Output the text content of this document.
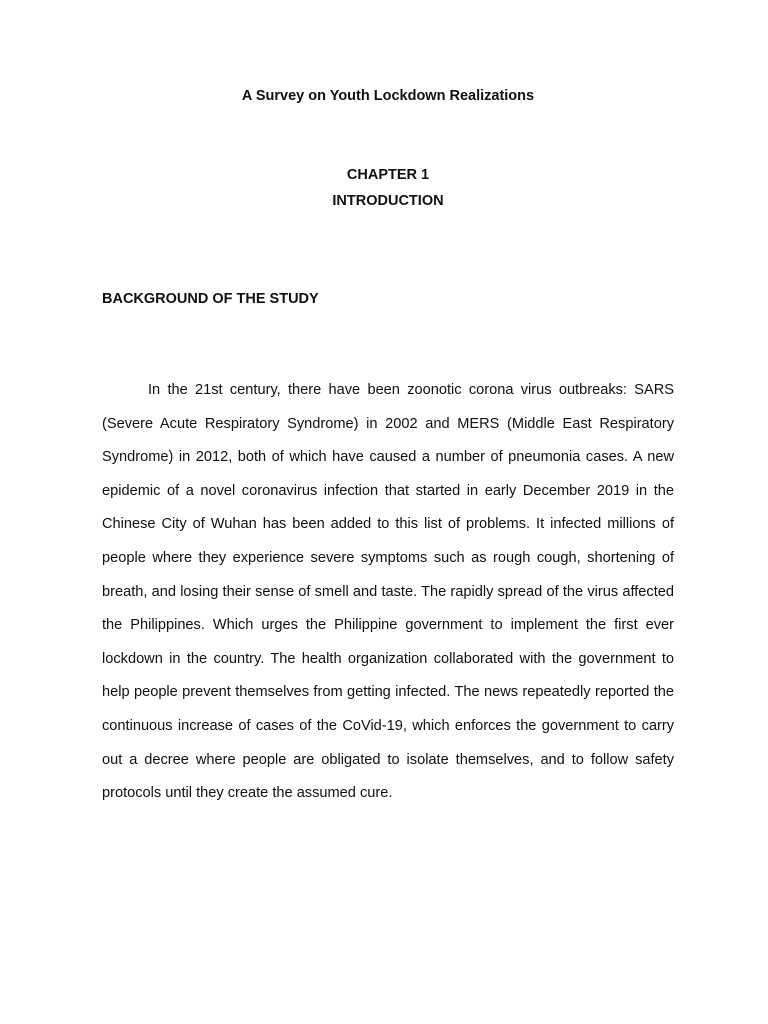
A Survey on Youth Lockdown Realizations
CHAPTER 1
INTRODUCTION
BACKGROUND OF THE STUDY

In the 21st century, there have been zoonotic corona virus outbreaks: SARS (Severe Acute Respiratory Syndrome) in 2002 and MERS (Middle East Respiratory Syndrome) in 2012, both of which have caused a number of pneumonia cases. A new epidemic of a novel coronavirus infection that started in early December 2019 in the Chinese City of Wuhan has been added to this list of problems. It infected millions of people where they experience severe symptoms such as rough cough, shortening of breath, and losing their sense of smell and taste. The rapidly spread of the virus affected the Philippines. Which urges the Philippine government to implement the first ever lockdown in the country. The health organization collaborated with the government to help people prevent themselves from getting infected. The news repeatedly reported the continuous increase of cases of the CoVid-19, which enforces the government to carry out a decree where people are obligated to isolate themselves, and to follow safety protocols until they create the assumed cure.
